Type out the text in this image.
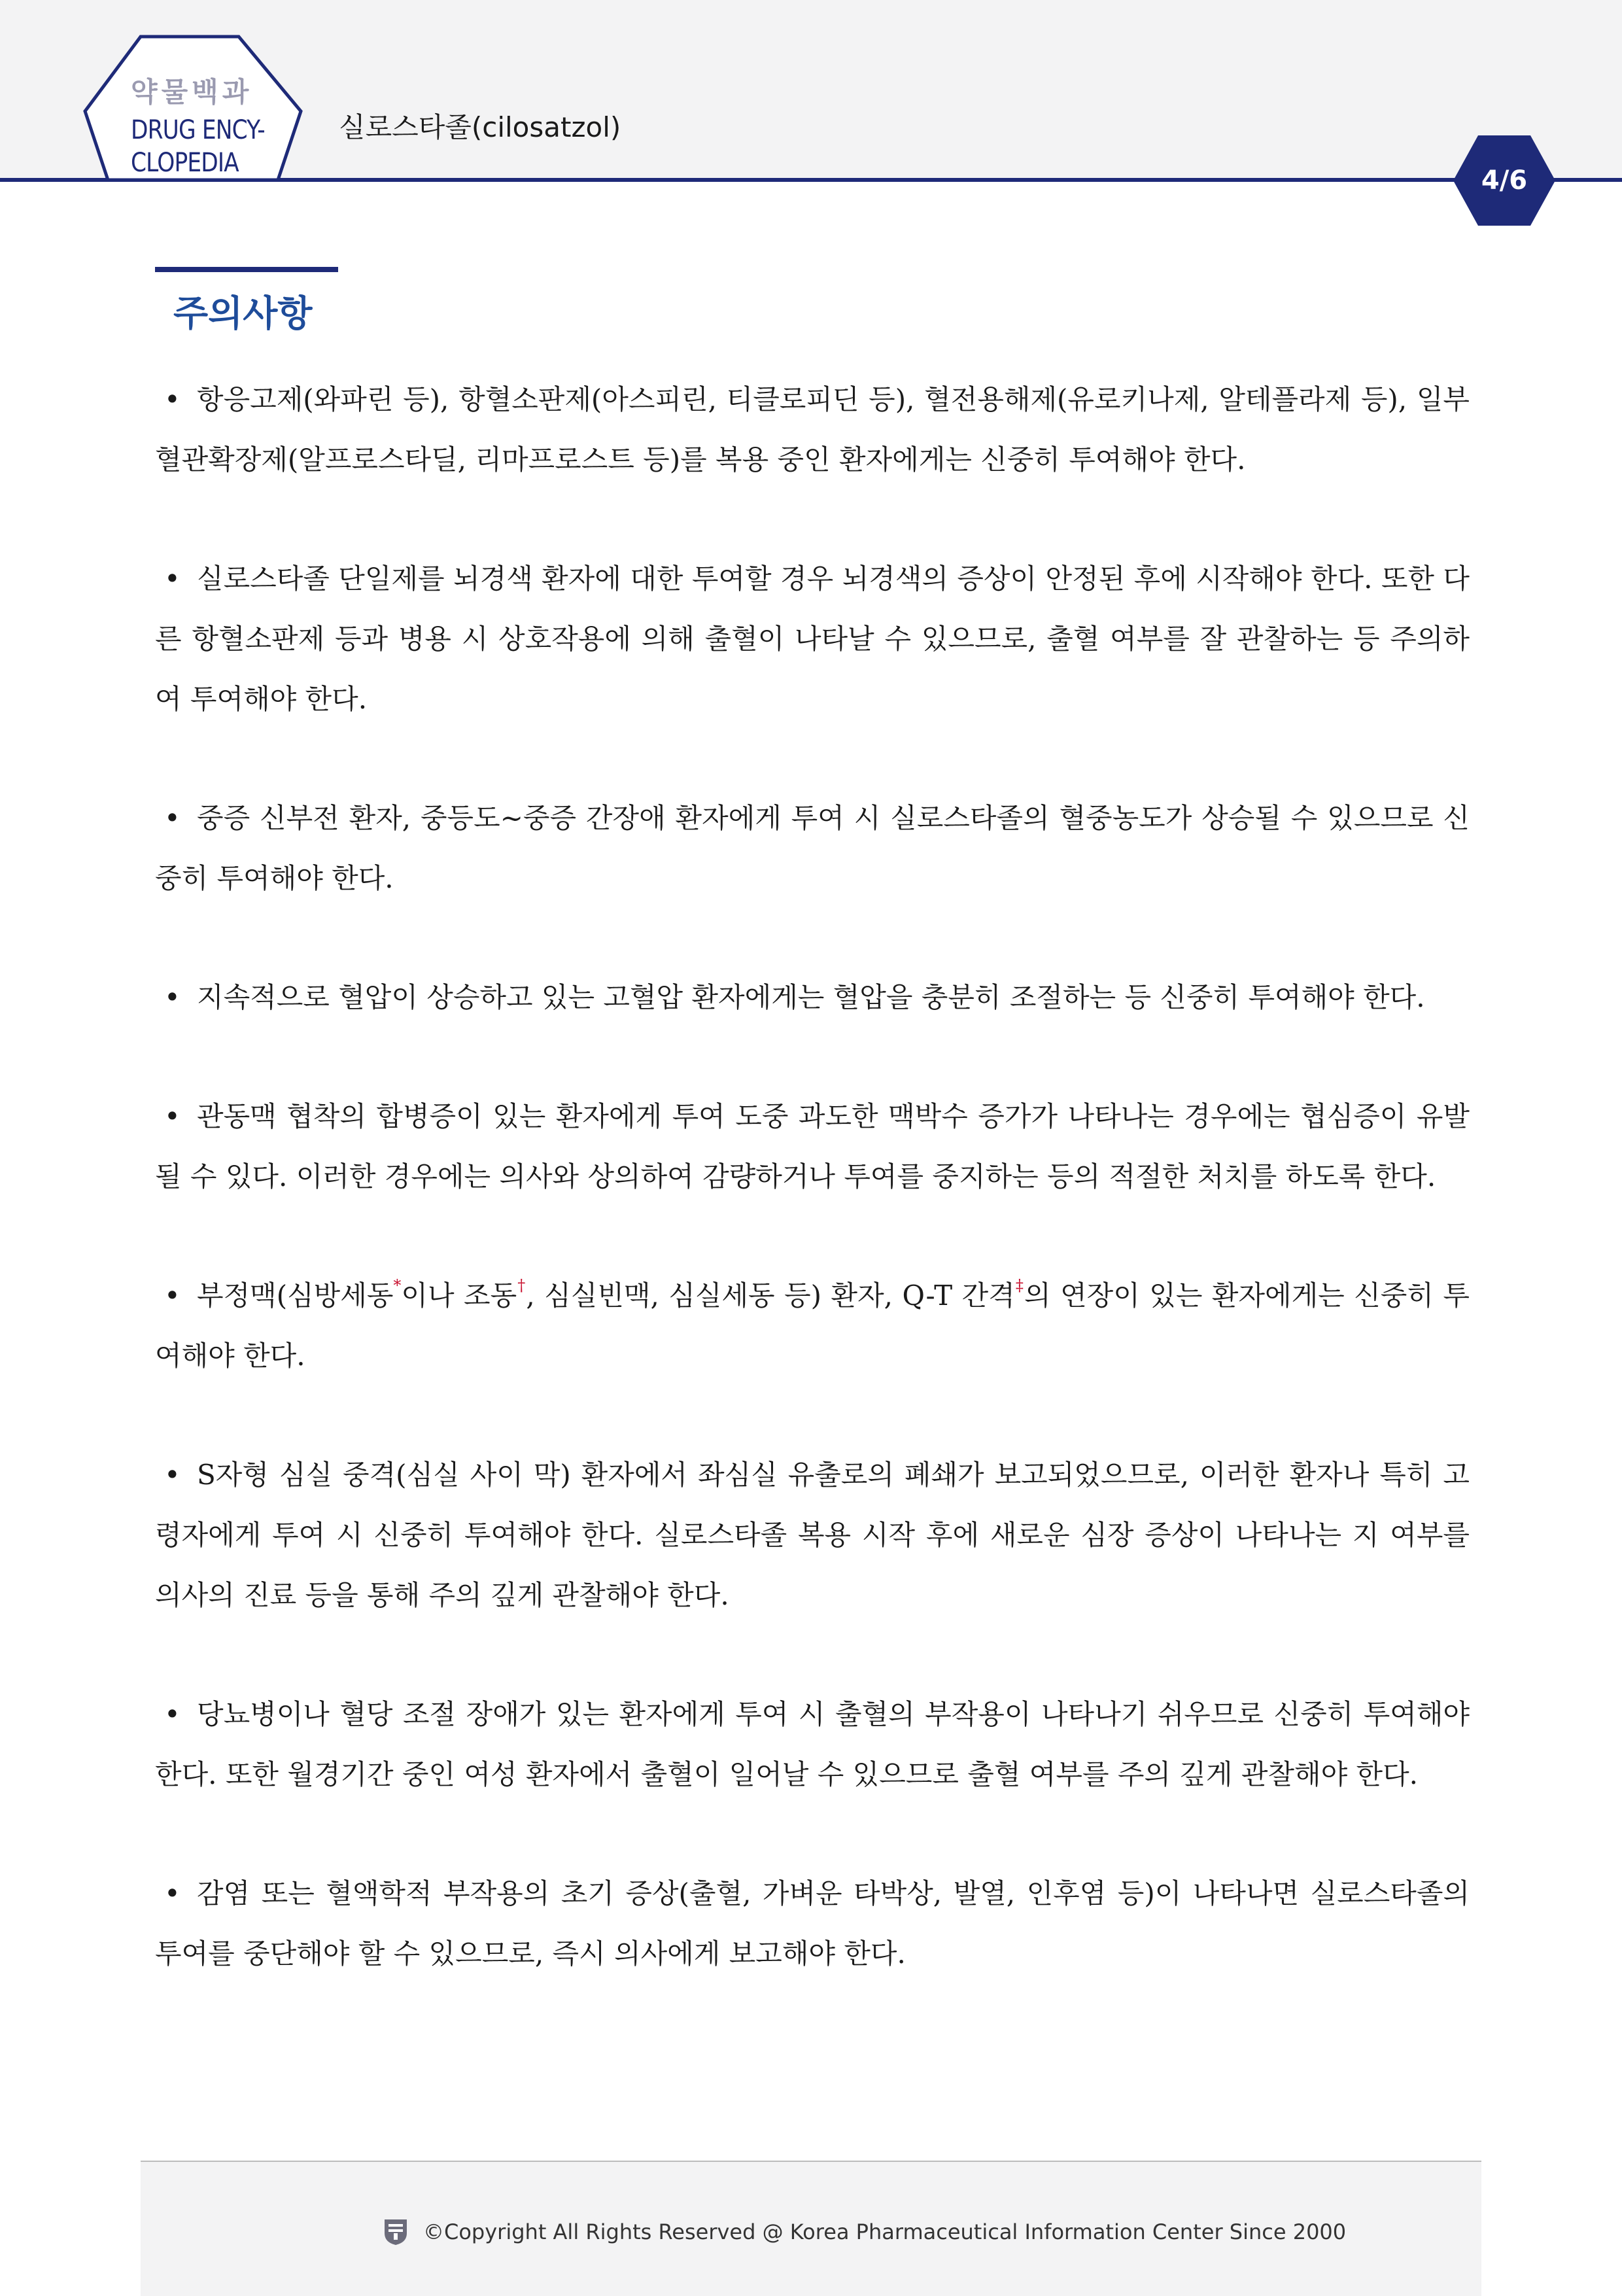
약물백과
DRUG ENCY-
CLOPEDIA
실로스타졸(cilosatzol)
4/6
주의사항

• 항응고제(와파린 등), 항혈소판제(아스피린, 티클로피딘 등), 혈전용해제(유로키나제, 알테플라제 등), 일부 혈관확장제(알프로스타딜, 리마프로스트 등)를 복용 중인 환자에게는 신중히 투여해야 한다.

• 실로스타졸 단일제를 뇌경색 환자에 대한 투여할 경우 뇌경색의 증상이 안정된 후에 시작해야 한다. 또한 다른 항혈소판제 등과 병용 시 상호작용에 의해 출혈이 나타날 수 있으므로, 출혈 여부를 잘 관찰하는 등 주의하여 투여해야 한다.

• 중증 신부전 환자, 중등도~중증 간장애 환자에게 투여 시 실로스타졸의 혈중농도가 상승될 수 있으므로 신중히 투여해야 한다.

• 지속적으로 혈압이 상승하고 있는 고혈압 환자에게는 혈압을 충분히 조절하는 등 신중히 투여해야 한다.

• 관동맥 협착의 합병증이 있는 환자에게 투여 도중 과도한 맥박수 증가가 나타나는 경우에는 협심증이 유발될 수 있다. 이러한 경우에는 의사와 상의하여 감량하거나 투여를 중지하는 등의 적절한 처치를 하도록 한다.

• 부정맥(심방세동*이나 조동†, 심실빈맥, 심실세동 등) 환자, Q-T 간격‡의 연장이 있는 환자에게는 신중히 투여해야 한다.

• S자형 심실 중격(심실 사이 막) 환자에서 좌심실 유출로의 폐쇄가 보고되었으므로, 이러한 환자나 특히 고령자에게 투여 시 신중히 투여해야 한다. 실로스타졸 복용 시작 후에 새로운 심장 증상이 나타나는 지 여부를 의사의 진료 등을 통해 주의 깊게 관찰해야 한다.

• 당뇨병이나 혈당 조절 장애가 있는 환자에게 투여 시 출혈의 부작용이 나타나기 쉬우므로 신중히 투여해야 한다. 또한 월경기간 중인 여성 환자에서 출혈이 일어날 수 있으므로 출혈 여부를 주의 깊게 관찰해야 한다.

• 감염 또는 혈액학적 부작용의 초기 증상(출혈, 가벼운 타박상, 발열, 인후염 등)이 나타나면 실로스타졸의 투여를 중단해야 할 수 있으므로, 즉시 의사에게 보고해야 한다.

©Copyright All Rights Reserved @ Korea Pharmaceutical Information Center Since 2000
